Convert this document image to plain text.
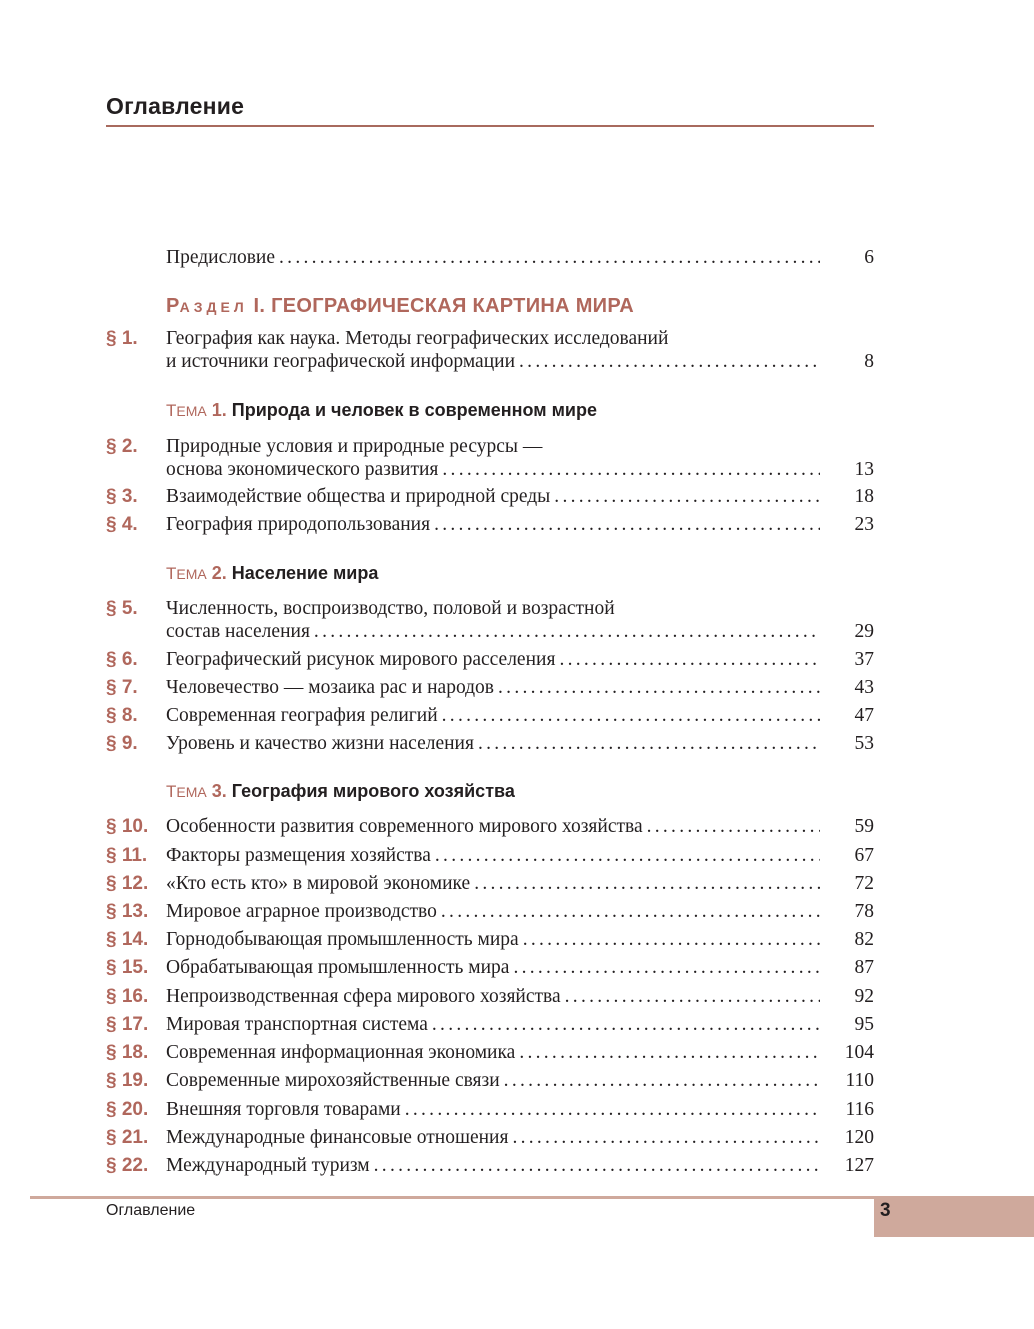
Оглавление
Предисловие . . .	6
РАЗДЕЛ I. ГЕОГРАФИЧЕСКАЯ КАРТИНА МИРА
§ 1. География как наука. Методы географических исследований
и источники географической информации . . .	8
ТЕМА 1. Природа и человек в современном мире
ТЕМА 2. Население мира
ТЕМА 3. География мирового хозяйства
§ 2. Природные условия и природные ресурсы —
основа экономического развития . . .	13
§ 3. Взаимодействие общества и природной среды . . .	18
§ 4. География природопользования . . .	23
§ 5. Численность, воспроизводство, половой и возрастной
состав населения . . .	29
§ 6. Географический рисунок мирового расселения . . .	37
§ 7. Человечество — мозаика рас и народов . . .	43
§ 8. Современная география религий . . .	47
§ 9. Уровень и качество жизни населения . . .	53
§ 10. Особенности развития современного мирового хозяйства . . .	59
§ 11. Факторы размещения хозяйства . . .	67
§ 12. «Кто есть кто» в мировой экономике . . .	72
§ 13. Мировое аграрное производство . . .	78
§ 14. Горнодобывающая промышленность мира . . .	82
§ 15. Обрабатывающая промышленность мира . . .	87
§ 16. Непроизводственная сфера мирового хозяйства . . .	92
§ 17. Мировая транспортная система . . .	95
§ 18. Современная информационная экономика . . .	104
§ 19. Современные мирохозяйственные связи . . .	110
§ 20. Внешняя торговля товарами . . .	116
§ 21. Международные финансовые отношения . . .	120
§ 22. Международный туризм . . .	127
Оглавление	3
